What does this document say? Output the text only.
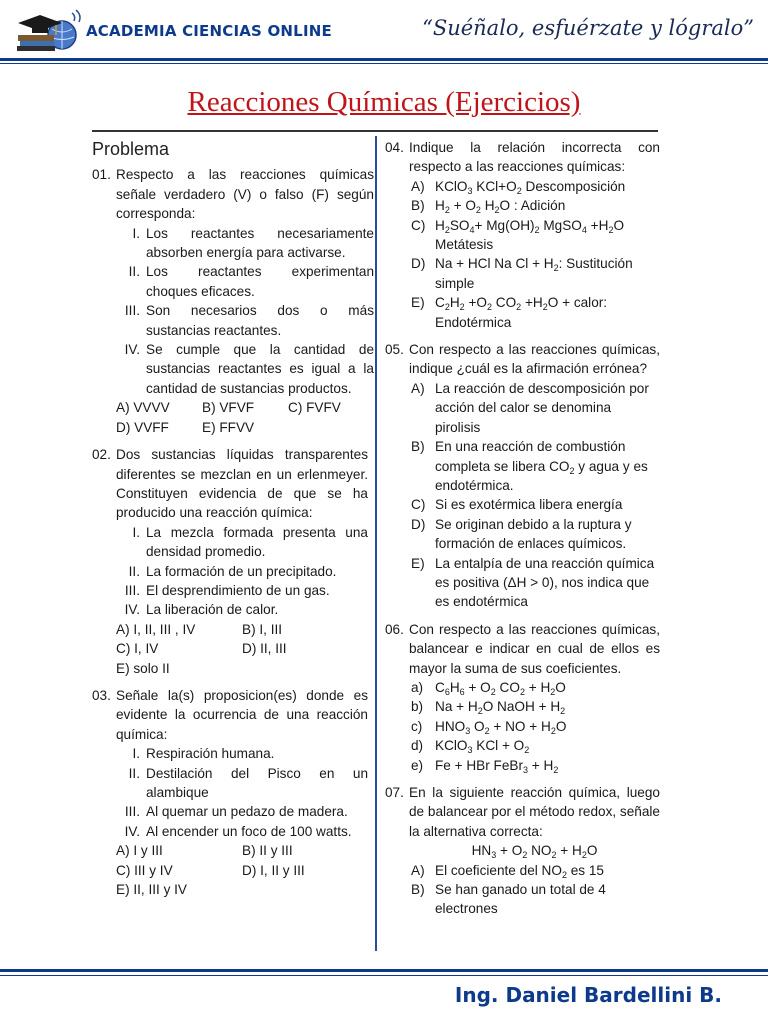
ACADEMIA CIENCIAS ONLINE	“Suéñalo, esfuérzate y lógralo”
Reacciones Químicas (Ejercicios)
Problema
01. Respecto a las reacciones químicas señale verdadero (V) o falso (F) según corresponda:
I. Los reactantes necesariamente absorben energía para activarse.
II. Los reactantes experimentan choques eficaces.
III. Son necesarios dos o más sustancias reactantes.
IV. Se cumple que la cantidad de sustancias reactantes es igual a la cantidad de sustancias productos.
A) VVVV	B) VFVF	C) FVFV
D) VVFF	E) FFVV
02. Dos sustancias líquidas transparentes diferentes se mezclan en un erlenmeyer. Constituyen evidencia de que se ha producido una reacción química:
I. La mezcla formada presenta una densidad promedio.
II. La formación de un precipitado.
III. El desprendimiento de un gas.
IV. La liberación de calor.
A) I, II, III , IV	B) I, III
C) I, IV	D) II, III
E) solo II
03. Señale la(s) proposicion(es) donde es evidente la ocurrencia de una reacción química:
I. Respiración humana.
II. Destilación del Pisco en un alambique
III. Al quemar un pedazo de madera.
IV. Al encender un foco de 100 watts.
A) I y III	B) II y III
C) III y IV	D) I, II y III
E) II, III y IV
04. Indique la relación incorrecta con respecto a las reacciones químicas:
A) KClO$_3$ $KCl+O_2$ Descomposición
B) $H_2 + O_2$ $H_2O$ : Adición
C) $H_2SO_4+ Mg(OH)_2$ MgSO$_4$ $+H_2O$ Metátesis
D) Na + HCl Na $Cl + H_2$: Sustitución simple
E) $C_2H_2 +O_2$ $CO_2 +H_2O$ + calor: Endotérmica
05. Con respecto a las reacciones químicas, indique ¿cuál es la afirmación errónea?
A) La reacción de descomposición por acción del calor se denomina pirolisis
B) En una reacción de combustión completa se libera $CO_2$ y agua y es endotérmica.
C) Si es exotérmica libera energía
D) Se originan debido a la ruptura y formación de enlaces químicos.
E) La entalpía de una reacción química es positiva (ΔH > 0), nos indica que es endotérmica
06. Con respecto a las reacciones químicas, balancear e indicar en cual de ellos es mayor la suma de sus coeficientes.
a) $C_6H_6 + O_2$ $CO_2 + H_2O$
b) $Na + H_2O$ NaOH + $H_2$
c) $HNO_3$ $O_2$ + NO + $H_2O$
d) KClO$_3$ KCl + $O_2$
e) Fe + HBr FeBr$_3$ + $H_2$
07. En la siguiente reacción química, luego de balancear por el método redox, señale la alternativa correcta:
$HN_3 + O_2$ $NO_2 + H_2O$
A) El coeficiente del $NO_2$ es 15
B) Se han ganado un total de 4 electrones
Ing. Daniel Bardellini B.
